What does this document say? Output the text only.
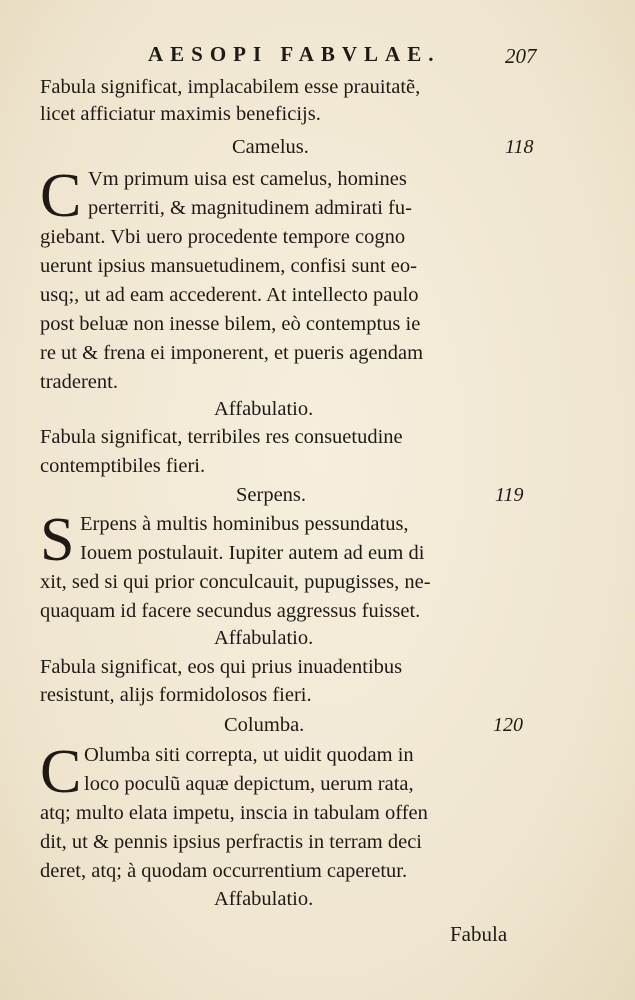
AESOPI FABVLAE.	207
Fabula significat, implacabilem esse prauitatẽ,
licet afficiatur maximis beneficijs.
Camelus.	118
C Vm primum uisa est camelus, homines
perterriti, & magnitudinem admirati fu-
giebant. Vbi uero procedente tempore cogno
uerunt ipsius mansuetudinem, confisi sunt eo-
usq;, ut ad eam accederent. At intellecto paulo
post beluæ non inesse bilem, eò contemptus ie
re ut & frena ei imponerent, et pueris agendam
traderent.
Affabulatio.
Fabula significat, terribiles res consuetudine
contemptibiles fieri.
Serpens.	119
S Erpens à multis hominibus pessundatus,
Iouem postulauit. Iupiter autem ad eum di
xit, sed si qui prior conculcauit, pupugisses, ne-
quaquam id facere secundus aggressus fuisset.
Affabulatio.
Fabula significat, eos qui prius inuadentibus
resistunt, alijs formidolosos fieri.
Columba.	120
C Olumba siti correpta, ut uidit quodam in
loco poculũ aquæ depictum, uerum rata,
atq; multo elata impetu, inscia in tabulam offen
dit, ut & pennis ipsius perfractis in terram deci
deret, atq; à quodam occurrentium caperetur.
Affabulatio.
Fabula
